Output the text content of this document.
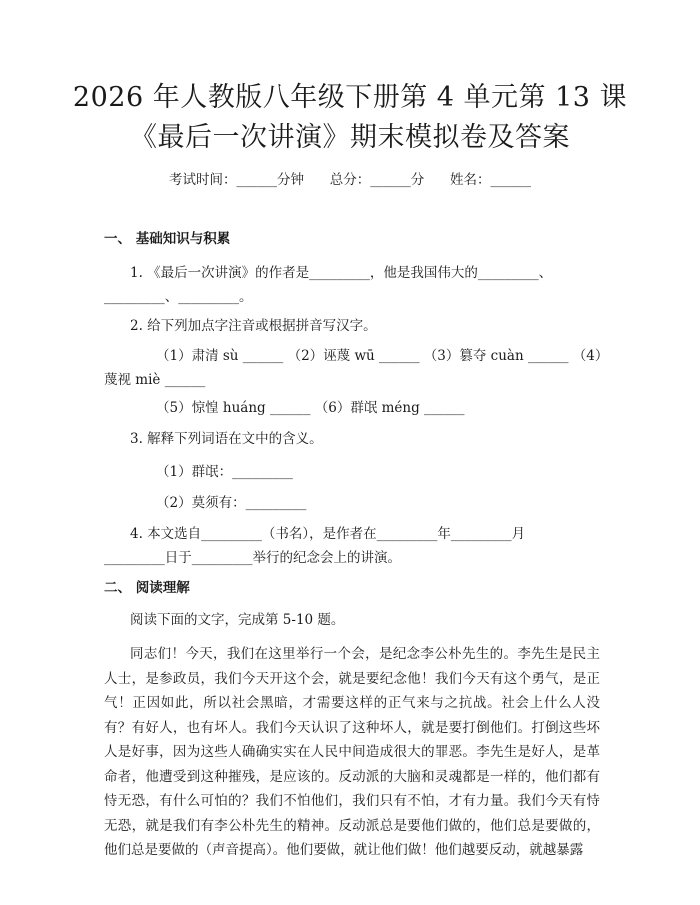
2026 年人教版八年级下册第 4 单元第 13 课
《最后一次讲演》期末模拟卷及答案
考试时间：______分钟      总分：______分      姓名：______
一、 基础知识与积累
1. 《最后一次讲演》的作者是_________，他是我国伟大的_________、
_________、_________。
2. 给下列加点字注音或根据拼音写汉字。
（1）肃清 sù ______ （2）诬蔑 wū ______ （3）篡夺 cuàn ______ （4）
蔑视 miè ______
（5）惊惶 huáng ______ （6）群氓 méng ______
3. 解释下列词语在文中的含义。
（1）群氓：_________
（2）莫须有：_________
4. 本文选自_________（书名），是作者在_________年_________月
_________日于_________举行的纪念会上的讲演。
二、 阅读理解
阅读下面的文字，完成第 5-10 题。
同志们！今天，我们在这里举行一个会，是纪念李公朴先生的。李先生是民主人士，是参政员，我们今天开这个会，就是要纪念他！我们今天有这个勇气，是正气！正因如此，所以社会黑暗，才需要这样的正气来与之抗战。社会上什么人没有？有好人，也有坏人。我们今天认识了这种坏人，就是要打倒他们。打倒这些坏人是好事，因为这些人确确实实在人民中间造成很大的罪恶。李先生是好人，是革命者，他遭受到这种摧残，是应该的。反动派的大脑和灵魂都是一样的，他们都有恃无恐，有什么可怕的？我们不怕他们，我们只有不怕，才有力量。我们今天有恃无恐，就是我们有李公朴先生的精神。反动派总是要他们做的，他们总是要做的，他们总是要做的（声音提高）。他们要做，就让他们做！他们越要反动，就越暴露
